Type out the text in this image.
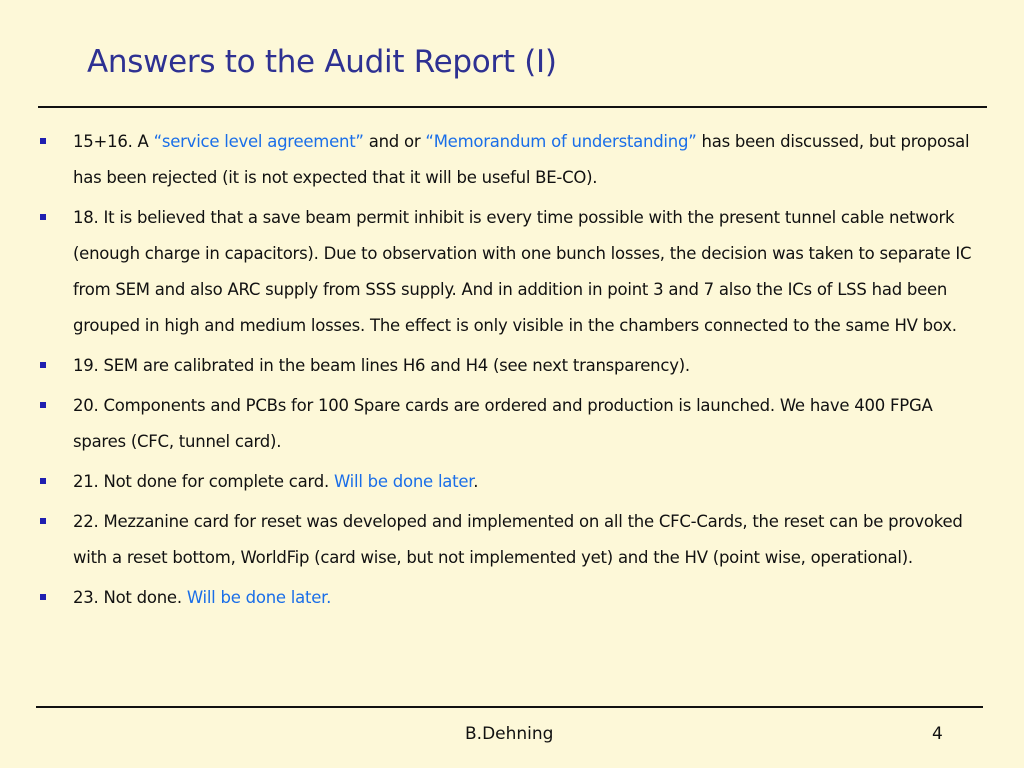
Answers to the Audit Report (I)
15+16. A “service level agreement” and or “Memorandum of understanding” has been discussed, but proposal has been rejected (it is not expected that it will be useful BE-CO).
18. It is believed that a save beam permit inhibit is every time possible with the present tunnel cable network (enough charge in capacitors). Due to observation with one bunch losses, the decision was taken to separate IC from SEM and also ARC supply from SSS supply. And in addition in point 3 and 7 also the ICs of LSS had been grouped in high and medium losses. The effect is only visible in the chambers connected to the same HV box.
19. SEM are calibrated in the beam lines H6 and H4 (see next transparency).
20. Components and PCBs for 100 Spare cards are ordered and production is launched. We have 400 FPGA spares (CFC, tunnel card).
21. Not done for complete card. Will be done later.
22. Mezzanine card for reset was developed and implemented on all the CFC-Cards, the reset can be provoked with a reset bottom, WorldFip (card wise, but not implemented yet) and the HV (point wise, operational).
23. Not done. Will be done later.
B.Dehning	4
